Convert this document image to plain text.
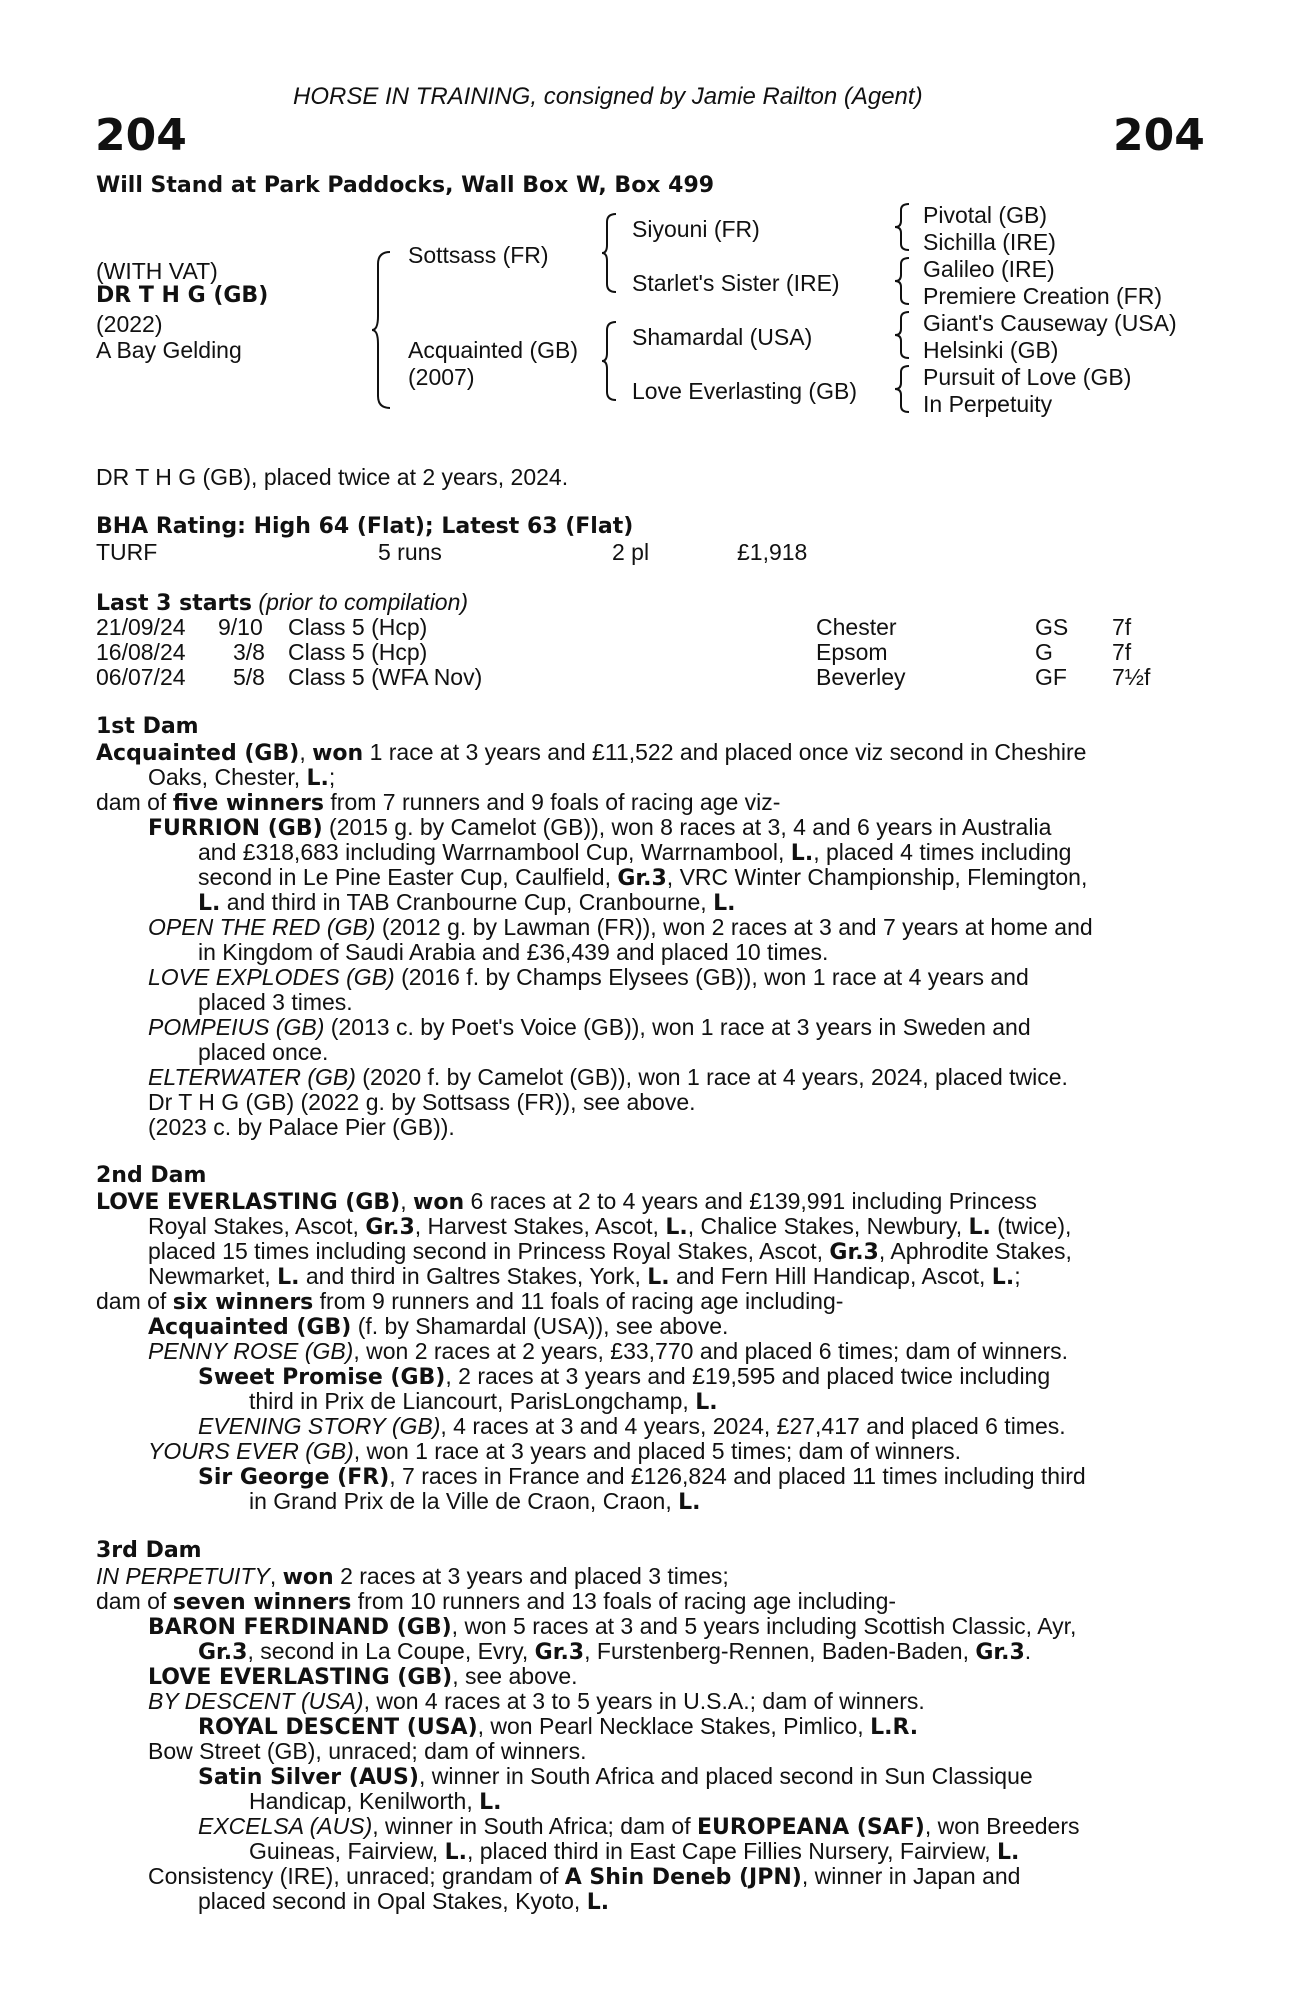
HORSE IN TRAINING, consigned by Jamie Railton (Agent)
204	204
Will Stand at Park Paddocks, Wall Box W, Box 499
(WITH VAT)
DR T H G (GB)
(2022)
A Bay Gelding
Sottsass (FR)
Acquainted (GB)
(2007)
Siyouni (FR)
Starlet's Sister (IRE)
Shamardal (USA)
Love Everlasting (GB)
Pivotal (GB)
Sichilla (IRE)
Galileo (IRE)
Premiere Creation (FR)
Giant's Causeway (USA)
Helsinki (GB)
Pursuit of Love (GB)
In Perpetuity
DR T H G (GB), placed twice at 2 years, 2024.
BHA Rating: High 64 (Flat); Latest 63 (Flat)
TURF	5 runs	2 pl	£1,918
Last 3 starts (prior to compilation)
21/09/24 9/10 Class 5 (Hcp)	Chester	GS 7f
16/08/24 3/8 Class 5 (Hcp)	Epsom	G	7f
06/07/24 5/8 Class 5 (WFA Nov)	Beverley	GF 7½f
1st Dam
Acquainted (GB), won 1 race at 3 years and £11,522 and placed once viz second in Cheshire
Oaks, Chester, L.;
dam of five winners from 7 runners and 9 foals of racing age viz-
FURRION (GB) (2015 g. by Camelot (GB)), won 8 races at 3, 4 and 6 years in Australia
and £318,683 including Warrnambool Cup, Warrnambool, L., placed 4 times including
second in Le Pine Easter Cup, Caulfield, Gr.3, VRC Winter Championship, Flemington,
L. and third in TAB Cranbourne Cup, Cranbourne, L.
OPEN THE RED (GB) (2012 g. by Lawman (FR)), won 2 races at 3 and 7 years at home and
in Kingdom of Saudi Arabia and £36,439 and placed 10 times.
LOVE EXPLODES (GB) (2016 f. by Champs Elysees (GB)), won 1 race at 4 years and
placed 3 times.
POMPEIUS (GB) (2013 c. by Poet's Voice (GB)), won 1 race at 3 years in Sweden and
placed once.
ELTERWATER (GB) (2020 f. by Camelot (GB)), won 1 race at 4 years, 2024, placed twice.
Dr T H G (GB) (2022 g. by Sottsass (FR)), see above.
(2023 c. by Palace Pier (GB)).
2nd Dam
LOVE EVERLASTING (GB), won 6 races at 2 to 4 years and £139,991 including Princess
Royal Stakes, Ascot, Gr.3, Harvest Stakes, Ascot, L., Chalice Stakes, Newbury, L. (twice),
placed 15 times including second in Princess Royal Stakes, Ascot, Gr.3, Aphrodite Stakes,
Newmarket, L. and third in Galtres Stakes, York, L. and Fern Hill Handicap, Ascot, L.;
dam of six winners from 9 runners and 11 foals of racing age including-
Acquainted (GB) (f. by Shamardal (USA)), see above.
PENNY ROSE (GB), won 2 races at 2 years, £33,770 and placed 6 times; dam of winners.
Sweet Promise (GB), 2 races at 3 years and £19,595 and placed twice including
third in Prix de Liancourt, ParisLongchamp, L.
EVENING STORY (GB), 4 races at 3 and 4 years, 2024, £27,417 and placed 6 times.
YOURS EVER (GB), won 1 race at 3 years and placed 5 times; dam of winners.
Sir George (FR), 7 races in France and £126,824 and placed 11 times including third
in Grand Prix de la Ville de Craon, Craon, L.
3rd Dam
IN PERPETUITY, won 2 races at 3 years and placed 3 times;
dam of seven winners from 10 runners and 13 foals of racing age including-
BARON FERDINAND (GB), won 5 races at 3 and 5 years including Scottish Classic, Ayr,
Gr.3, second in La Coupe, Evry, Gr.3, Furstenberg-Rennen, Baden-Baden, Gr.3.
LOVE EVERLASTING (GB), see above.
BY DESCENT (USA), won 4 races at 3 to 5 years in U.S.A.; dam of winners.
ROYAL DESCENT (USA), won Pearl Necklace Stakes, Pimlico, L.R.
Bow Street (GB), unraced; dam of winners.
Satin Silver (AUS), winner in South Africa and placed second in Sun Classique
Handicap, Kenilworth, L.
EXCELSA (AUS), winner in South Africa; dam of EUROPEANA (SAF), won Breeders
Guineas, Fairview, L., placed third in East Cape Fillies Nursery, Fairview, L.
Consistency (IRE), unraced; grandam of A Shin Deneb (JPN), winner in Japan and
placed second in Opal Stakes, Kyoto, L.
